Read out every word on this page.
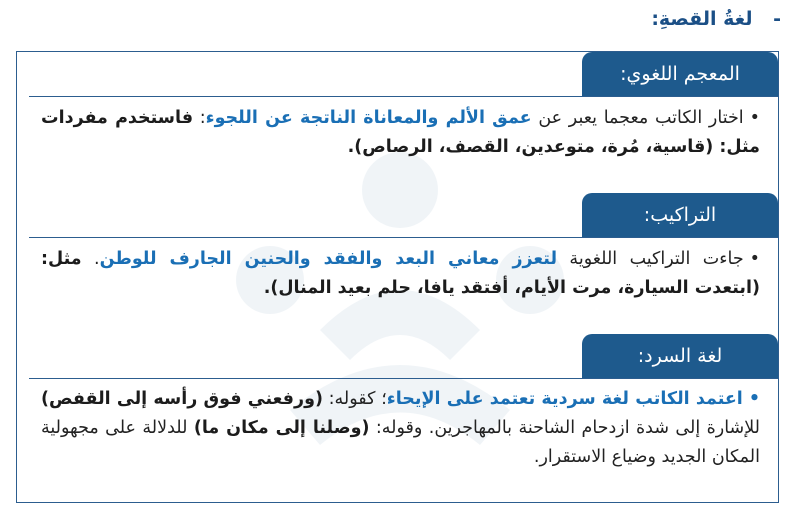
- لغةُ القصةِ:
المعجم اللغوي:
•اختار الكاتب معجما يعبر عن عمق الألم والمعاناة الناتجة عن اللجوء: فاستخدم مفردات مثل: (قاسية، مُرة، متوعدين، القصف، الرصاص).
التراكيب:
•جاءت التراكيب اللغوية لتعزز معاني البعد والفقد والحنين الجارف للوطن. مثل: (ابتعدت السيارة، مرت الأيام، أفتقد يافا، حلم بعيد المنال).
لغة السرد:
•اعتمد الكاتب لغة سردية تعتمد على الإيحاء؛ كقوله: (ورفعني فوق رأسه إلى القفص) للإشارة إلى شدة ازدحام الشاحنة بالمهاجرين. وقوله: (وصلنا إلى مكان ما) للدلالة على مجهولية المكان الجديد وضياع الاستقرار.
